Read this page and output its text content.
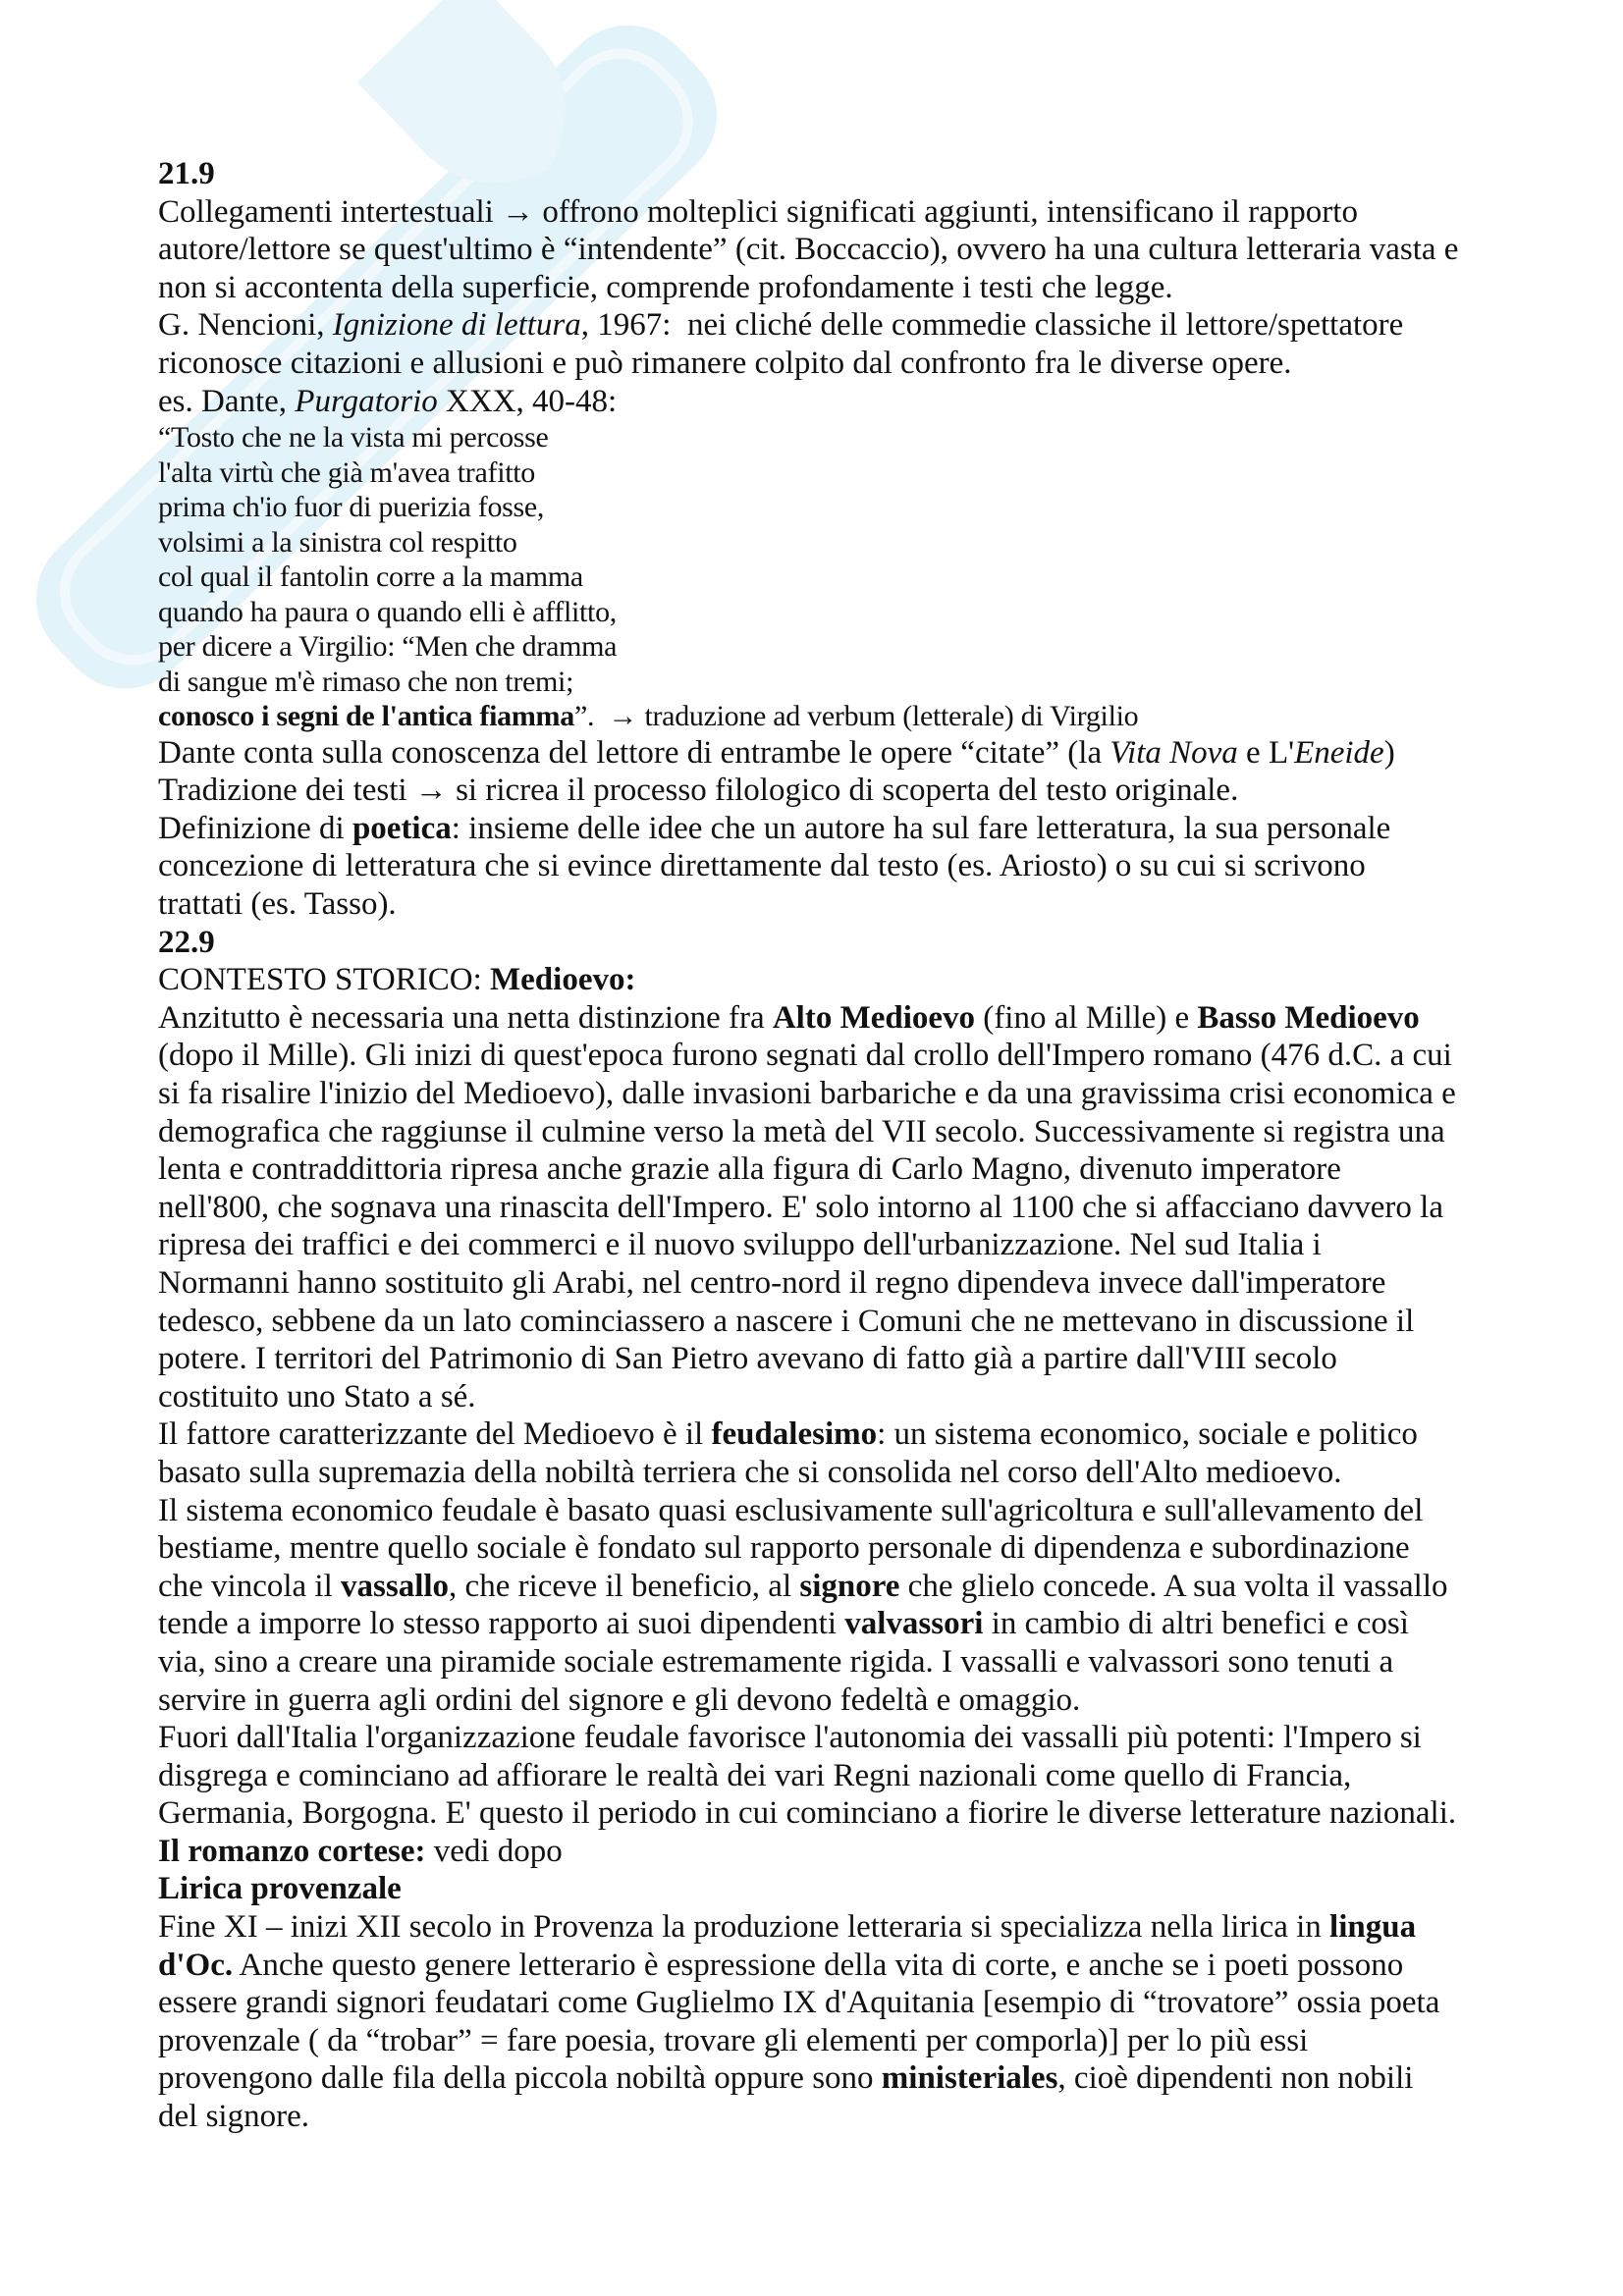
21.9
Collegamenti intertestuali → offrono molteplici significati aggiunti, intensificano il rapporto
autore/lettore se quest'ultimo è “intendente” (cit. Boccaccio), ovvero ha una cultura letteraria vasta e
non si accontenta della superficie, comprende profondamente i testi che legge.
G. Nencioni, Ignizione di lettura, 1967:  nei cliché delle commedie classiche il lettore/spettatore
riconosce citazioni e allusioni e può rimanere colpito dal confronto fra le diverse opere.
es. Dante, Purgatorio XXX, 40-48:
“Tosto che ne la vista mi percosse
l'alta virtù che già m'avea trafitto
prima ch'io fuor di puerizia fosse,
volsimi a la sinistra col respitto
col qual il fantolin corre a la mamma
quando ha paura o quando elli è afflitto,
per dicere a Virgilio: “Men che dramma
di sangue m'è rimaso che non tremi;
conosco i segni de l'antica fiamma”.  → traduzione ad verbum (letterale) di Virgilio
Dante conta sulla conoscenza del lettore di entrambe le opere “citate” (la Vita Nova e L'Eneide)
Tradizione dei testi → si ricrea il processo filologico di scoperta del testo originale.
Definizione di poetica: insieme delle idee che un autore ha sul fare letteratura, la sua personale
concezione di letteratura che si evince direttamente dal testo (es. Ariosto) o su cui si scrivono
trattati (es. Tasso).
22.9
CONTESTO STORICO: Medioevo:
Anzitutto è necessaria una netta distinzione fra Alto Medioevo (fino al Mille) e Basso Medioevo
(dopo il Mille). Gli inizi di quest'epoca furono segnati dal crollo dell'Impero romano (476 d.C. a cui
si fa risalire l'inizio del Medioevo), dalle invasioni barbariche e da una gravissima crisi economica e
demografica che raggiunse il culmine verso la metà del VII secolo. Successivamente si registra una
lenta e contraddittoria ripresa anche grazie alla figura di Carlo Magno, divenuto imperatore
nell'800, che sognava una rinascita dell'Impero. E' solo intorno al 1100 che si affacciano davvero la
ripresa dei traffici e dei commerci e il nuovo sviluppo dell'urbanizzazione. Nel sud Italia i
Normanni hanno sostituito gli Arabi, nel centro-nord il regno dipendeva invece dall'imperatore
tedesco, sebbene da un lato cominciassero a nascere i Comuni che ne mettevano in discussione il
potere. I territori del Patrimonio di San Pietro avevano di fatto già a partire dall'VIII secolo
costituito uno Stato a sé.
Il fattore caratterizzante del Medioevo è il feudalesimo: un sistema economico, sociale e politico
basato sulla supremazia della nobiltà terriera che si consolida nel corso dell'Alto medioevo.
Il sistema economico feudale è basato quasi esclusivamente sull'agricoltura e sull'allevamento del
bestiame, mentre quello sociale è fondato sul rapporto personale di dipendenza e subordinazione
che vincola il vassallo, che riceve il beneficio, al signore che glielo concede. A sua volta il vassallo
tende a imporre lo stesso rapporto ai suoi dipendenti valvassori in cambio di altri benefici e così
via, sino a creare una piramide sociale estremamente rigida. I vassalli e valvassori sono tenuti a
servire in guerra agli ordini del signore e gli devono fedeltà e omaggio.
Fuori dall'Italia l'organizzazione feudale favorisce l'autonomia dei vassalli più potenti: l'Impero si
disgrega e cominciano ad affiorare le realtà dei vari Regni nazionali come quello di Francia,
Germania, Borgogna. E' questo il periodo in cui cominciano a fiorire le diverse letterature nazionali.
Il romanzo cortese: vedi dopo
Lirica provenzale
Fine XI – inizi XII secolo in Provenza la produzione letteraria si specializza nella lirica in lingua
d'Oc. Anche questo genere letterario è espressione della vita di corte, e anche se i poeti possono
essere grandi signori feudatari come Guglielmo IX d'Aquitania [esempio di “trovatore” ossia poeta
provenzale ( da “trobar” = fare poesia, trovare gli elementi per comporla)] per lo più essi
provengono dalle fila della piccola nobiltà oppure sono ministeriales, cioè dipendenti non nobili
del signore.
